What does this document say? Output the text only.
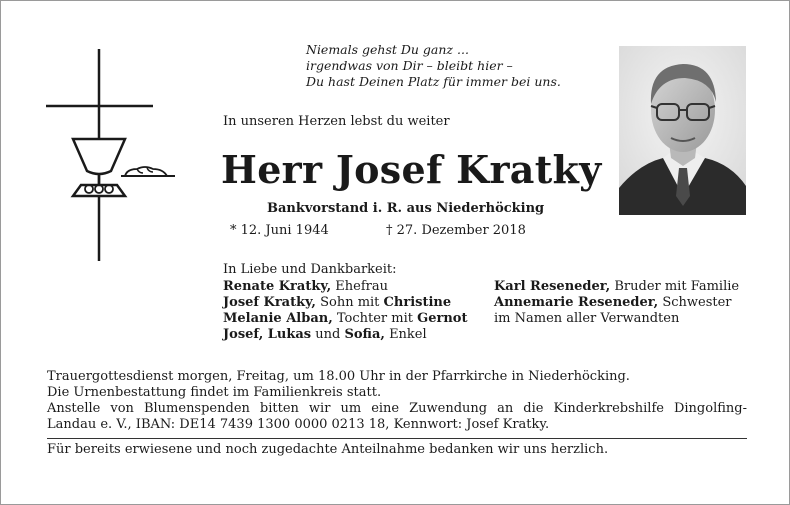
Niemals gehst Du ganz ...
irgendwas von Dir – bleibt hier –
Du hast Deinen Platz für immer bei uns.
In unseren Herzen lebst du weiter
Herr Josef Kratky
Bankvorstand i. R. aus Niederhöcking
* 12. Juni 1944	† 27. Dezember 2018
In Liebe und Dankbarkeit:
Renate Kratky, Ehefrau
Josef Kratky, Sohn mit Christine
Melanie Alban, Tochter mit Gernot
Josef, Lukas und Sofia, Enkel
Karl Reseneder, Bruder mit Familie
Annemarie Reseneder, Schwester
im Namen aller Verwandten
Trauergottesdienst morgen, Freitag, um 18.00 Uhr in der Pfarrkirche in Niederhöcking.
Die Urnenbestattung findet im Familienkreis statt.
Anstelle von Blumenspenden bitten wir um eine Zuwendung an die Kinderkrebshilfe Dingolfing-
Landau e. V., IBAN: DE14 7439 1300 0000 0213 18, Kennwort: Josef Kratky.
Für bereits erwiesene und noch zugedachte Anteilnahme bedanken wir uns herzlich.
